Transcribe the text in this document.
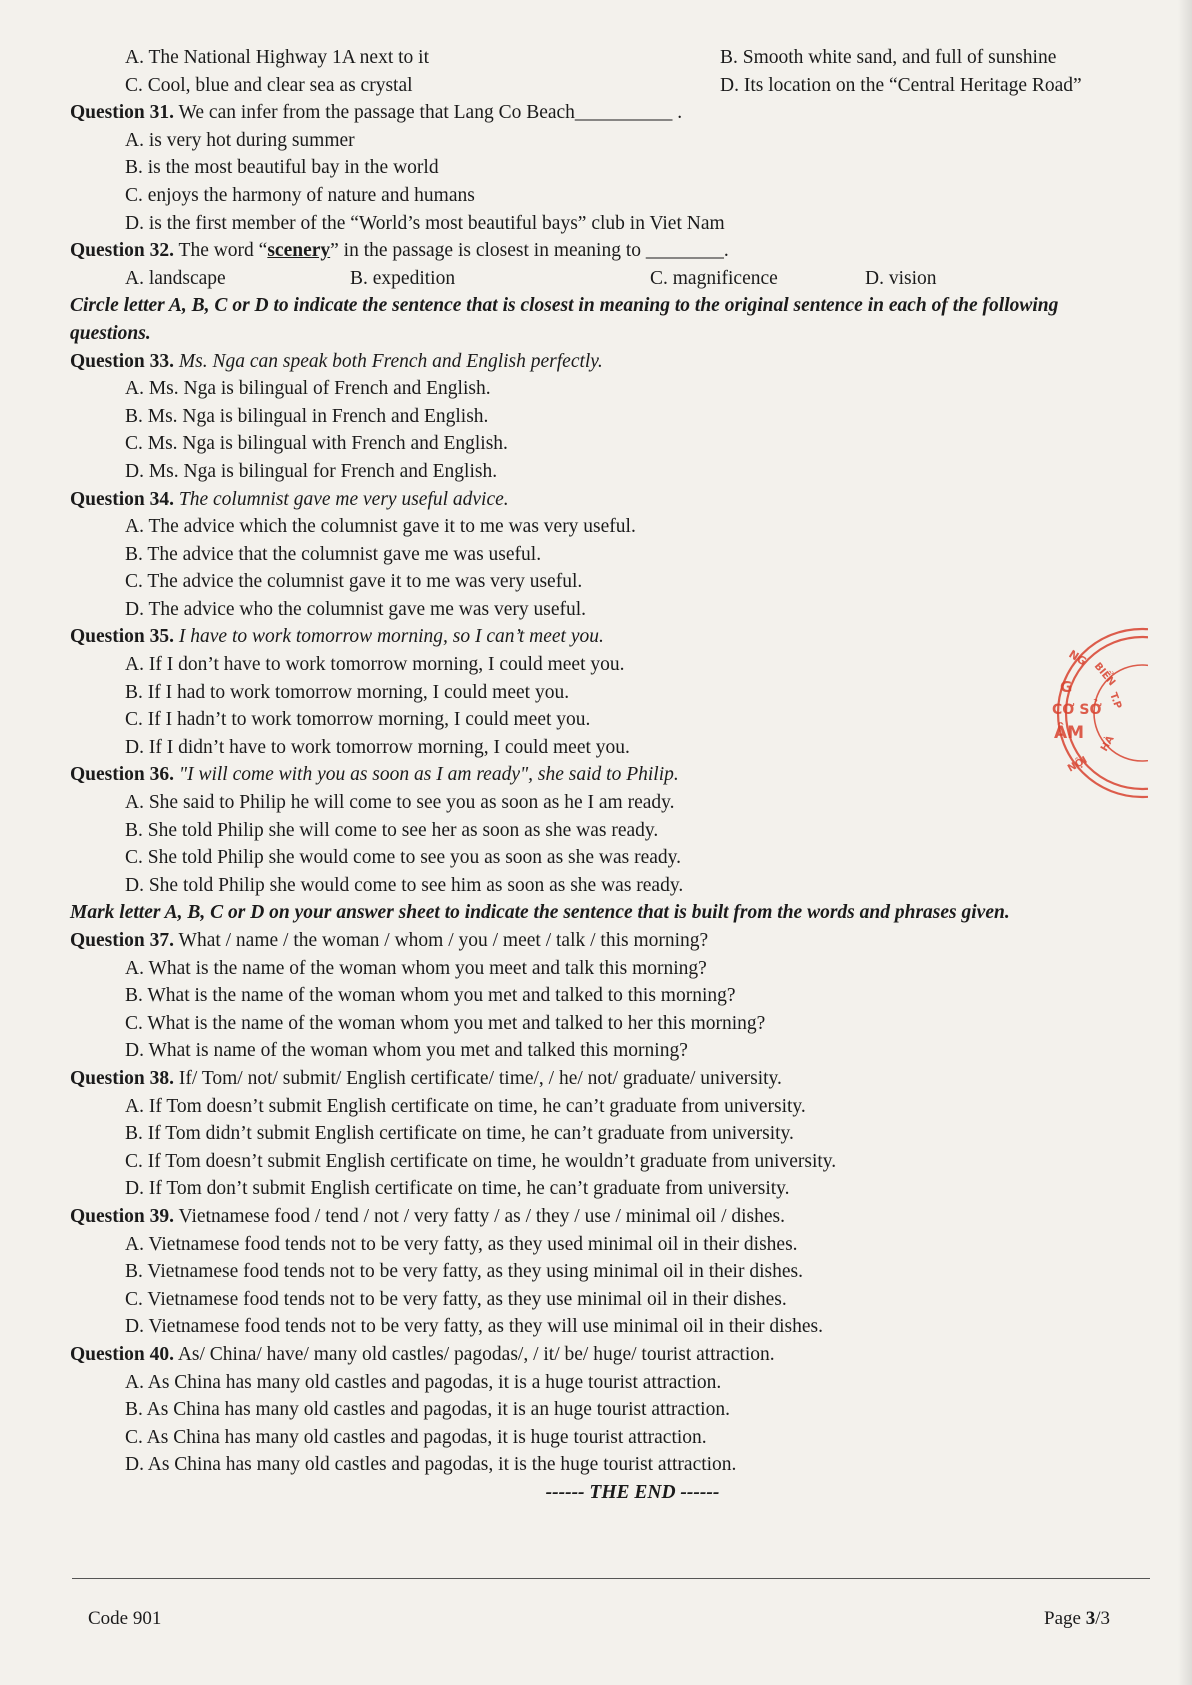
A. The National Highway 1A next to it	B. Smooth white sand, and full of sunshine
C. Cool, blue and clear sea as crystal	D. Its location on the “Central Heritage Road”
Question 31. We can infer from the passage that Lang Co Beach__________ .
A. is very hot during summer
B. is the most beautiful bay in the world
C. enjoys the harmony of nature and humans
D. is the first member of the “World’s most beautiful bays” club in Viet Nam
Question 32. The word “scenery” in the passage is closest in meaning to ________.
A. landscape	B. expedition	C. magnificence	D. vision
Circle letter A, B, C or D to indicate the sentence that is closest in meaning to the original sentence in each of the following questions.
Question 33. Ms. Nga can speak both French and English perfectly.
A. Ms. Nga is bilingual of French and English.
B. Ms. Nga is bilingual in French and English.
C. Ms. Nga is bilingual with French and English.
D. Ms. Nga is bilingual for French and English.
Question 34. The columnist gave me very useful advice.
A. The advice which the columnist gave it to me was very useful.
B. The advice that the columnist gave me was useful.
C. The advice the columnist gave it to me was very useful.
D. The advice who the columnist gave me was very useful.
Question 35. I have to work tomorrow morning, so I can’t meet you.
A. If I don’t have to work tomorrow morning, I could meet you.
B. If I had to work tomorrow morning, I could meet you.
C. If I hadn’t to work tomorrow morning, I could meet you.
D. If I didn’t have to work tomorrow morning, I could meet you.
Question 36. "I will come with you as soon as I am ready", she said to Philip.
A. She said to Philip he will come to see you as soon as he I am ready.
B. She told Philip she will come to see her as soon as she was ready.
C. She told Philip she would come to see you as soon as she was ready.
D. She told Philip she would come to see him as soon as she was ready.
Mark letter A, B, C or D on your answer sheet to indicate the sentence that is built from the words and phrases given.
Question 37. What / name / the woman / whom / you / meet / talk / this morning?
A. What is the name of the woman whom you meet and talk this morning?
B. What is the name of the woman whom you met and talked to this morning?
C. What is the name of the woman whom you met and talked to her this morning?
D. What is name of the woman whom you met and talked this morning?
Question 38. If/ Tom/ not/ submit/ English certificate/ time/, / he/ not/ graduate/ university.
A. If Tom doesn’t submit English certificate on time, he can’t graduate from university.
B. If Tom didn’t submit English certificate on time, he can’t graduate from university.
C. If Tom doesn’t submit English certificate on time, he wouldn’t graduate from university.
D. If Tom don’t submit English certificate on time, he can’t graduate from university.
Question 39. Vietnamese food / tend / not / very fatty / as / they / use / minimal oil / dishes.
A. Vietnamese food tends not to be very fatty, as they used minimal oil in their dishes.
B. Vietnamese food tends not to be very fatty, as they using minimal oil in their dishes.
C. Vietnamese food tends not to be very fatty, as they use minimal oil in their dishes.
D. Vietnamese food tends not to be very fatty, as they will use minimal oil in their dishes.
Question 40. As/ China/ have/ many old castles/ pagodas/, / it/ be/ huge/ tourist attraction.
A. As China has many old castles and pagodas, it is a huge tourist attraction.
B. As China has many old castles and pagodas, it is an huge tourist attraction.
C. As China has many old castles and pagodas, it is huge tourist attraction.
D. As China has many old castles and pagodas, it is the huge tourist attraction.
------ THE END ------
Code 901	Page 3/3
NG
BIỂN
T.P
HÀ
NỘI
G
CƠ SỞ
ÂM
